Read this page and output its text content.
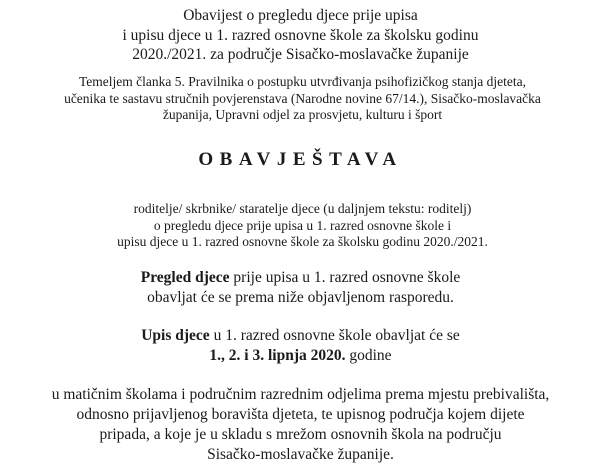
Obavijest o pregledu djece prije upisa
i upisu djece u 1. razred osnovne škole za školsku godinu
2020./2021. za područje Sisačko-moslavačke županije
Temeljem članka 5. Pravilnika o postupku utvrđivanja psihofizičkog stanja djeteta,
učenika te sastavu stručnih povjerenstava (Narodne novine 67/14.), Sisačko-moslavačka
županija, Upravni odjel za prosvjetu, kulturu i šport
OBAVJEŠTAVA
roditelje/ skrbnike/ staratelje djece (u daljnjem tekstu: roditelj)
o pregledu djece prije upisa u 1. razred osnovne škole i
upisu djece u 1. razred osnovne škole za školsku godinu 2020./2021.
Pregled djece prije upisa u 1. razred osnovne škole
obavljat će se prema niže objavljenom rasporedu.
Upis djece u 1. razred osnovne škole obavljat će se
1., 2. i 3. lipnja 2020. godine
u matičnim školama i područnim razrednim odjelima prema mjestu prebivališta,
odnosno prijavljenog boravišta djeteta, te upisnog područja kojem dijete
pripada, a koje je u skladu s mrežom osnovnih škola na području
Sisačko-moslavačke županije.
